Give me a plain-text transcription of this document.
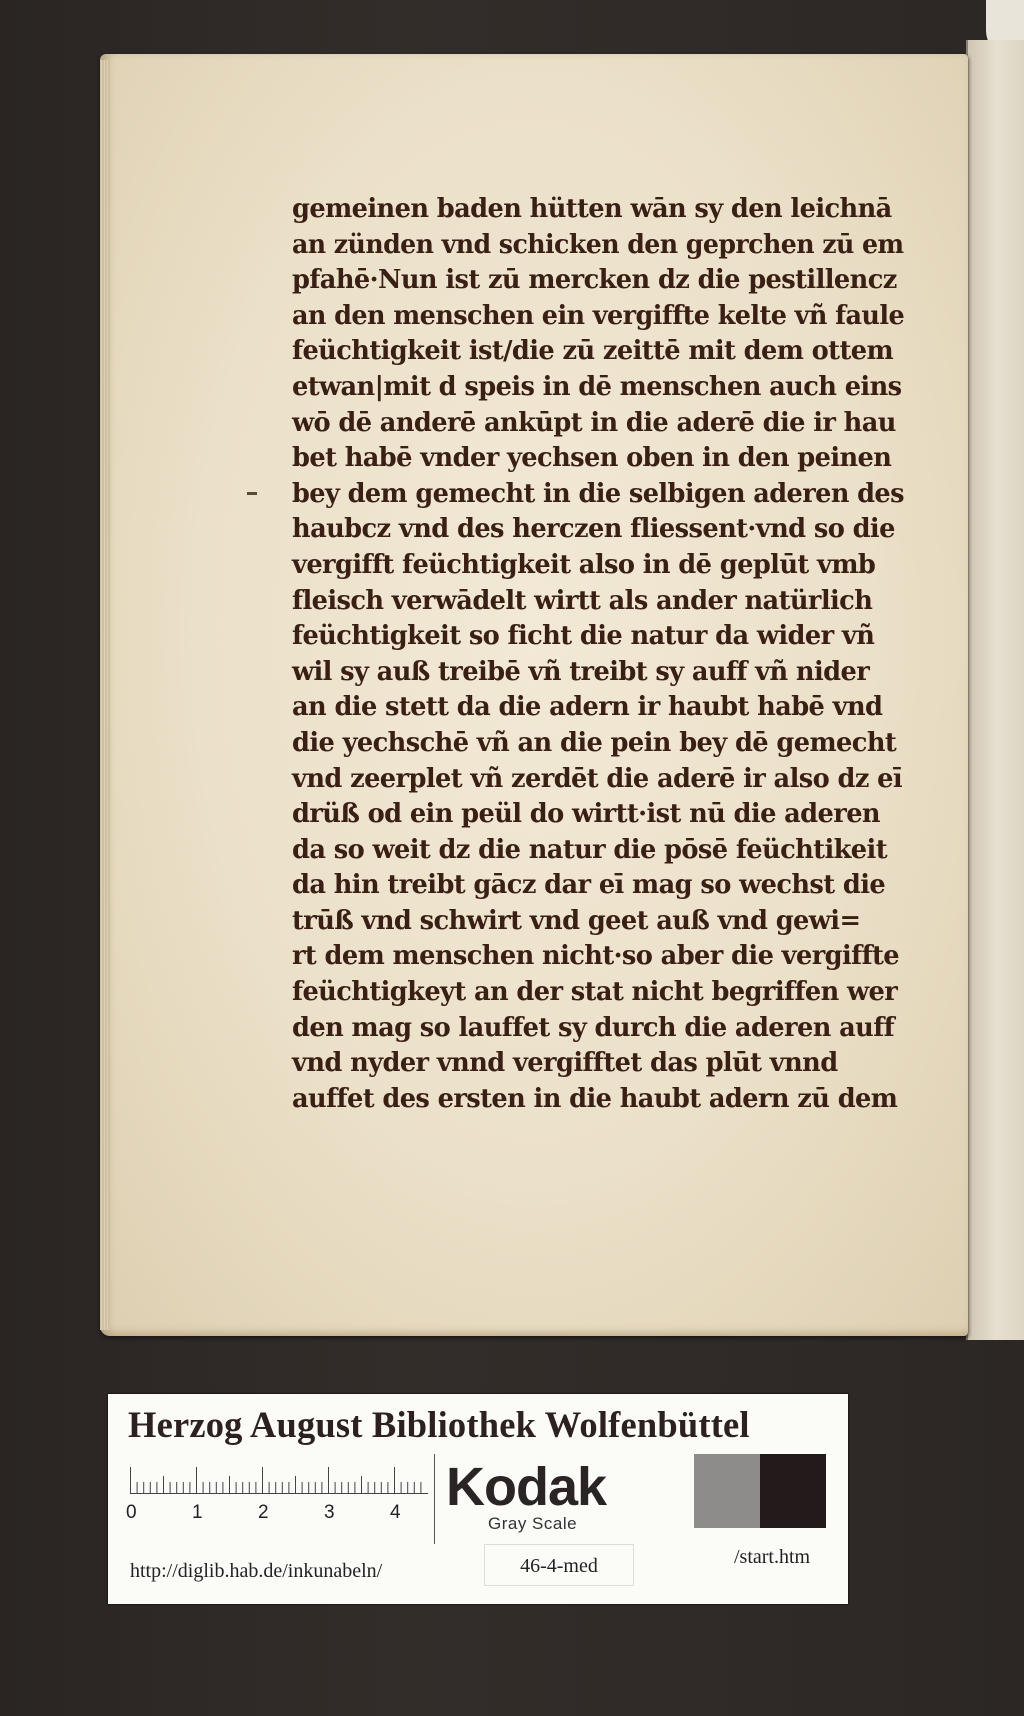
gemeinen baden hütten wān sy den leichnā
an zünden vnd schicken den geprchen zū em
pfahē·Nun ist zū mercken dz die pestillencz
an den menschen ein vergiffte kelte vñ faule
feüchtigkeit ist/die zū zeittē mit dem ottem
etwan|mit d speis in dē menschen auch eins
wō dē anderē ankūpt in die aderē die ir hau
bet habē vnder yechsen oben in den peinen
bey dem gemecht in die selbigen aderen des
haubcz vnd des herczen fliessent·vnd so die
vergifft feüchtigkeit also in dē geplūt vmb
fleisch verwādelt wirtt als ander natürlich
feüchtigkeit so ficht die natur da wider vñ
wil sy auß treibē vñ treibt sy auff vñ nider
an die stett da die adern ir haubt habē vnd
die yechschē vñ an die pein bey dē gemecht
vnd zeerplet vñ zerdēt die aderē ir also dz eī
drüß od ein peül do wirtt·ist nū die aderen
da so weit dz die natur die pōsē feüchtikeit
da hin treibt gācz dar eī mag so wechst die
trūß vnd schwirt vnd geet auß vnd gewi=
rt dem menschen nicht·so aber die vergiffte
feüchtigkeyt an der stat nicht begriffen wer
den mag so lauffet sy durch die aderen auff
vnd nyder vnnd vergifftet das plūt vnnd
auffet des ersten in die haubt adern zū dem
Herzog August Bibliothek Wolfenbüttel
0	1	2	3	4 Kodak
Gray Scale
http://diglib.hab.de/inkunabeln/	46-4-med	/start.htm
